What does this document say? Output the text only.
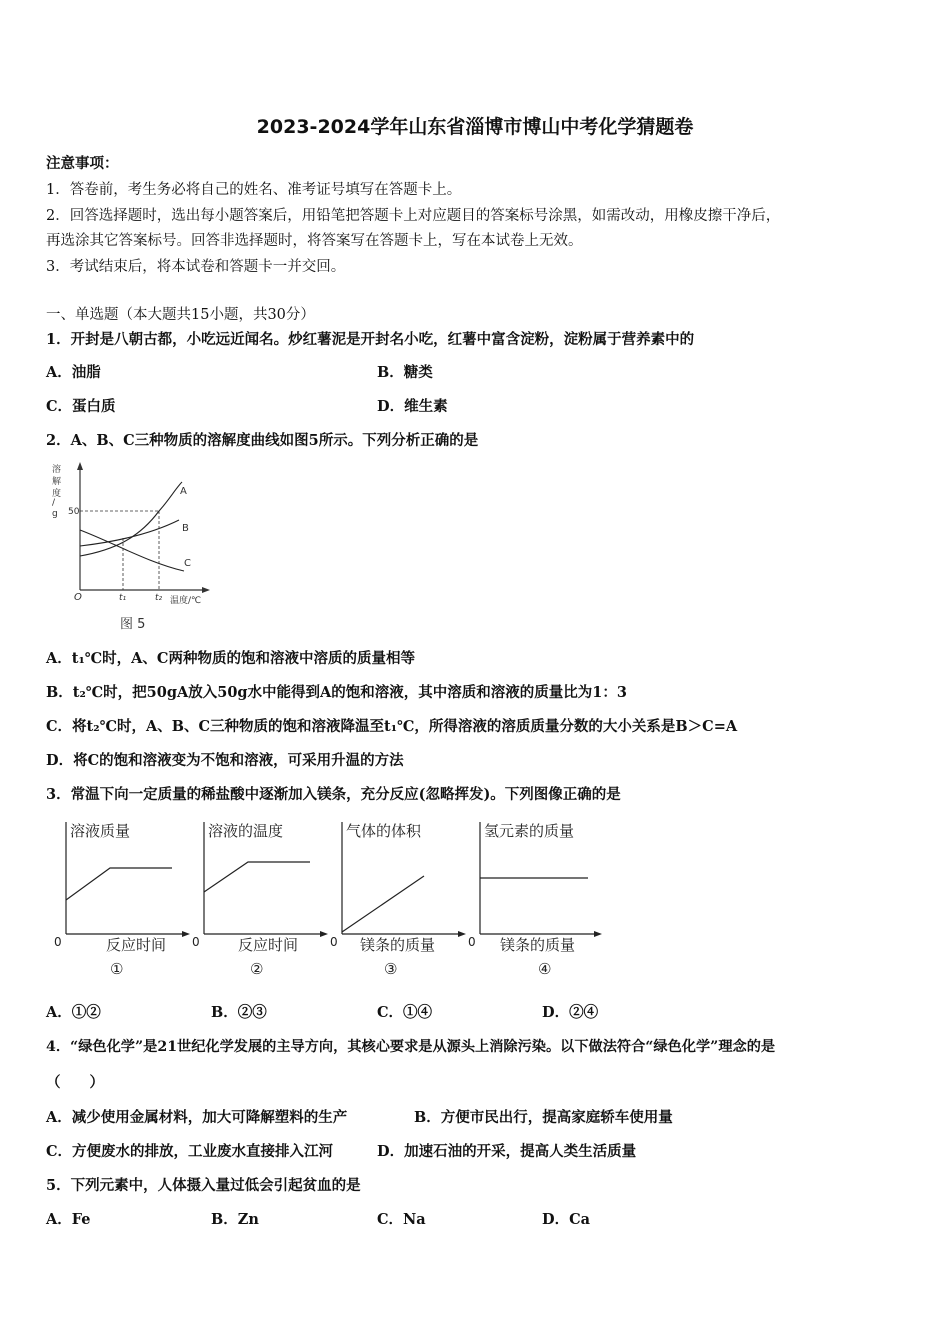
2023-2024学年山东省淄博市博山中考化学猜题卷
注意事项：
1．答卷前，考生务必将自己的姓名、准考证号填写在答题卡上。
2．回答选择题时，选出每小题答案后，用铅笔把答题卡上对应题目的答案标号涂黑，如需改动，用橡皮擦干净后，
再选涂其它答案标号。回答非选择题时，将答案写在答题卡上，写在本试卷上无效。
3．考试结束后，将本试卷和答题卡一并交回。
一、单选题（本大题共15小题，共30分）
1．开封是八朝古都，小吃远近闻名。炒红薯泥是开封名小吃，红薯中富含淀粉，淀粉属于营养素中的
A．油脂	B．糖类
C．蛋白质	D．维生素
2．A、B、C三种物质的溶解度曲线如图5所示。下列分析正确的是
溶
解
度
/
g 50
A
B
C
O	t₁	t₂ 温度/℃
图 5
A．t₁℃时，A、C两种物质的饱和溶液中溶质的质量相等
B．t₂℃时，把50gA放入50g水中能得到A的饱和溶液，其中溶质和溶液的质量比为1：3
C．将t₂℃时，A、B、C三种物质的饱和溶液降温至t₁℃，所得溶液的溶质质量分数的大小关系是B＞C=A
D．将C的饱和溶液变为不饱和溶液，可采用升温的方法
3．常温下向一定质量的稀盐酸中逐渐加入镁条，充分反应(忽略挥发)。下列图像正确的是
溶液质量
反应时间
0
①
溶液的温度
反应时间
0
②
气体的体积
镁条的质量
0
③
氢元素的质量
镁条的质量
0
④
A．①②	B．②③	C．①④	D．②④
4．“绿色化学”是21世纪化学发展的主导方向，其核心要求是从源头上消除污染。以下做法符合“绿色化学”理念的是
（　　）
A．减少使用金属材料，加大可降解塑料的生产	B．方便市民出行，提高家庭轿车使用量
C．方便废水的排放，工业废水直接排入江河	D．加速石油的开采，提高人类生活质量
5．下列元素中，人体摄入量过低会引起贫血的是
A．Fe	B．Zn	C．Na	D．Ca
